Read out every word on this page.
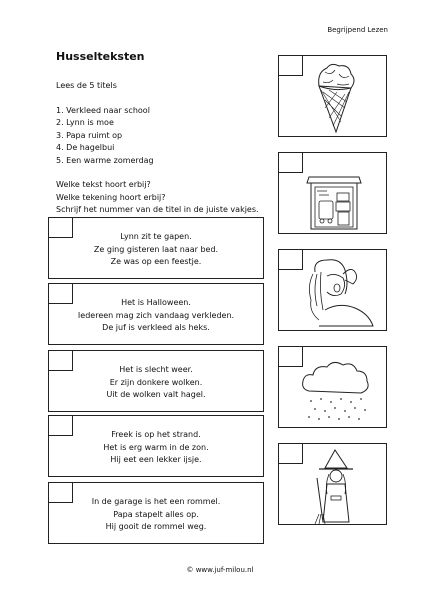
Begrijpend Lezen
Husselteksten
Lees de 5 titels
1. Verkleed naar school
2. Lynn is moe
3. Papa ruimt op
4. De hagelbui
5. Een warme zomerdag
Welke tekst hoort erbij?
Welke tekening hoort erbij?
Schrijf het nummer van de titel in de juiste vakjes.
Lynn zit te gapen.
Ze ging gisteren laat naar bed.
Ze was op een feestje.
Het is Halloween.
Iedereen mag zich vandaag verkleden.
De juf is verkleed als heks.
Het is slecht weer.
Er zijn donkere wolken.
Uit de wolken valt hagel.
Freek is op het strand.
Het is erg warm in de zon.
Hij eet een lekker ijsje.
In de garage is het een rommel.
Papa stapelt alles op.
Hij gooit de rommel weg.
© www.juf-milou.nl
